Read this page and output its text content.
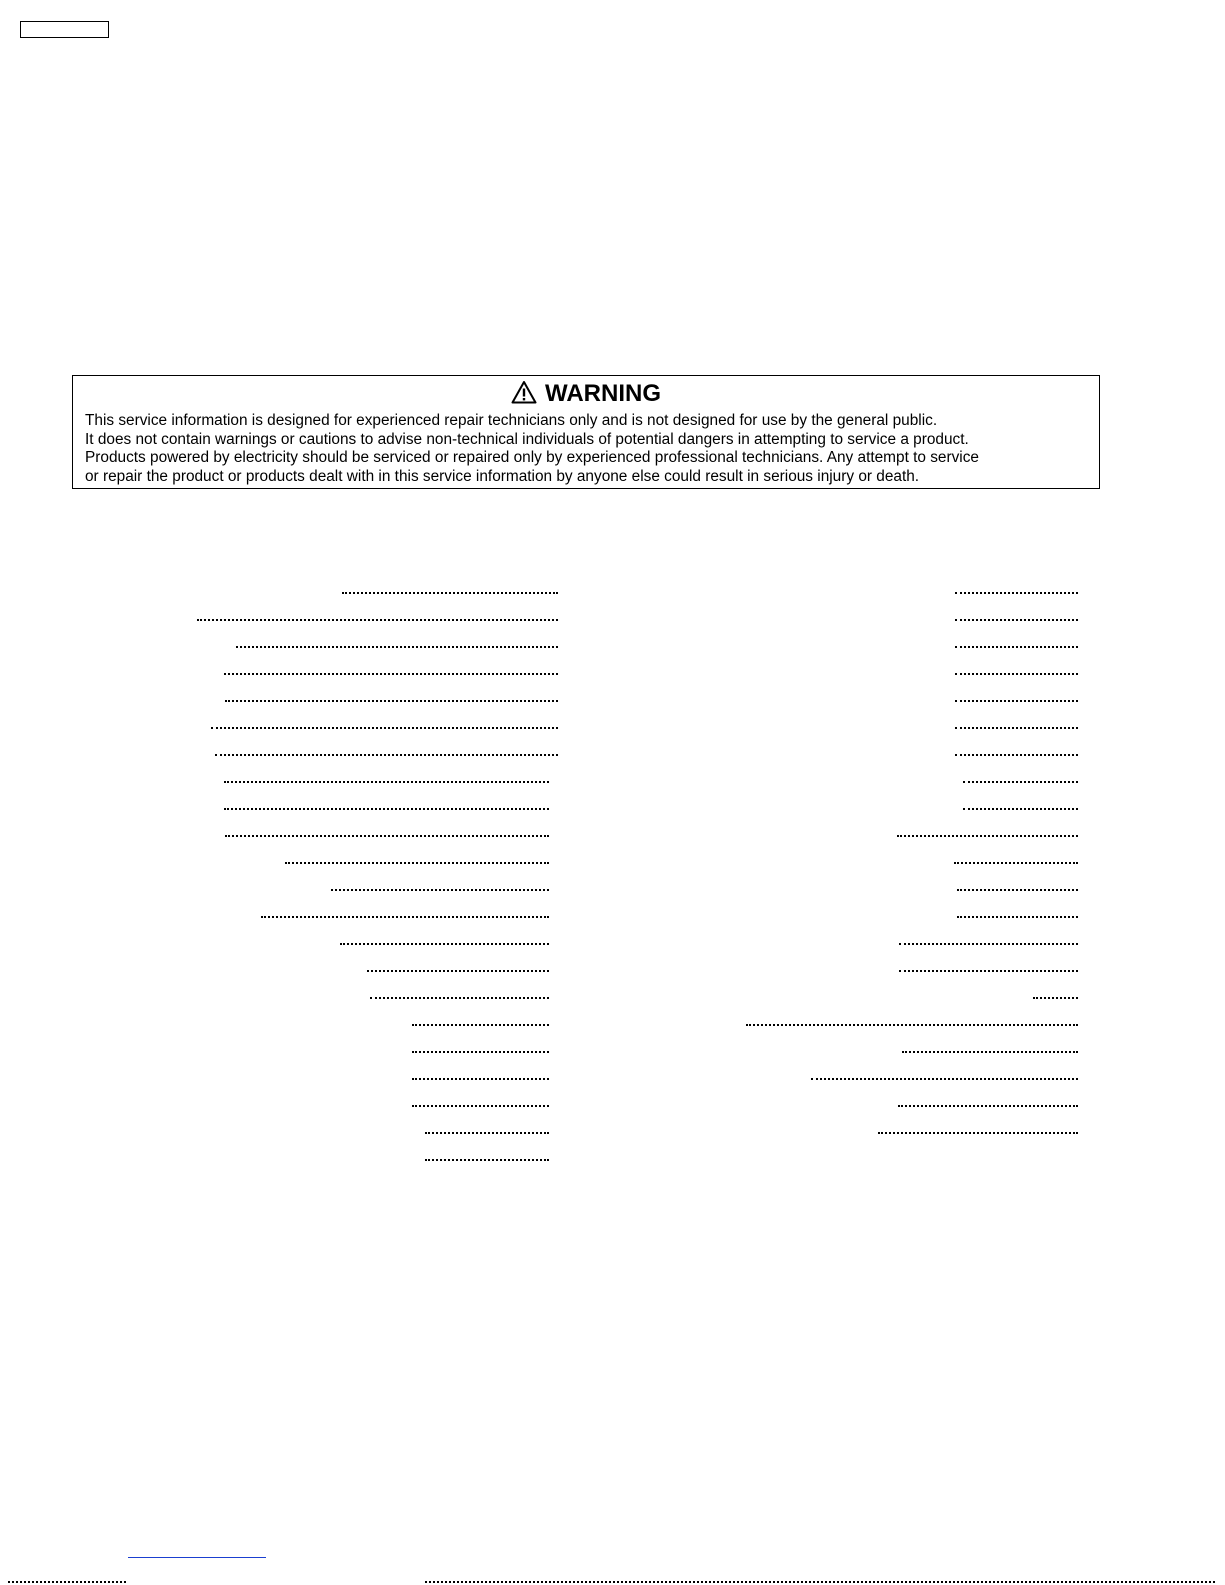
WARNING

This service information is designed for experienced repair technicians only and is not designed for use by the general public.

It does not contain warnings or cautions to advise non-technical individuals of potential dangers in attempting to service a product.

Products powered by electricity should be serviced or repaired only by experienced professional technicians. Any attempt to service

or repair the product or products dealt with in this service information by anyone else could result in serious injury or death.
